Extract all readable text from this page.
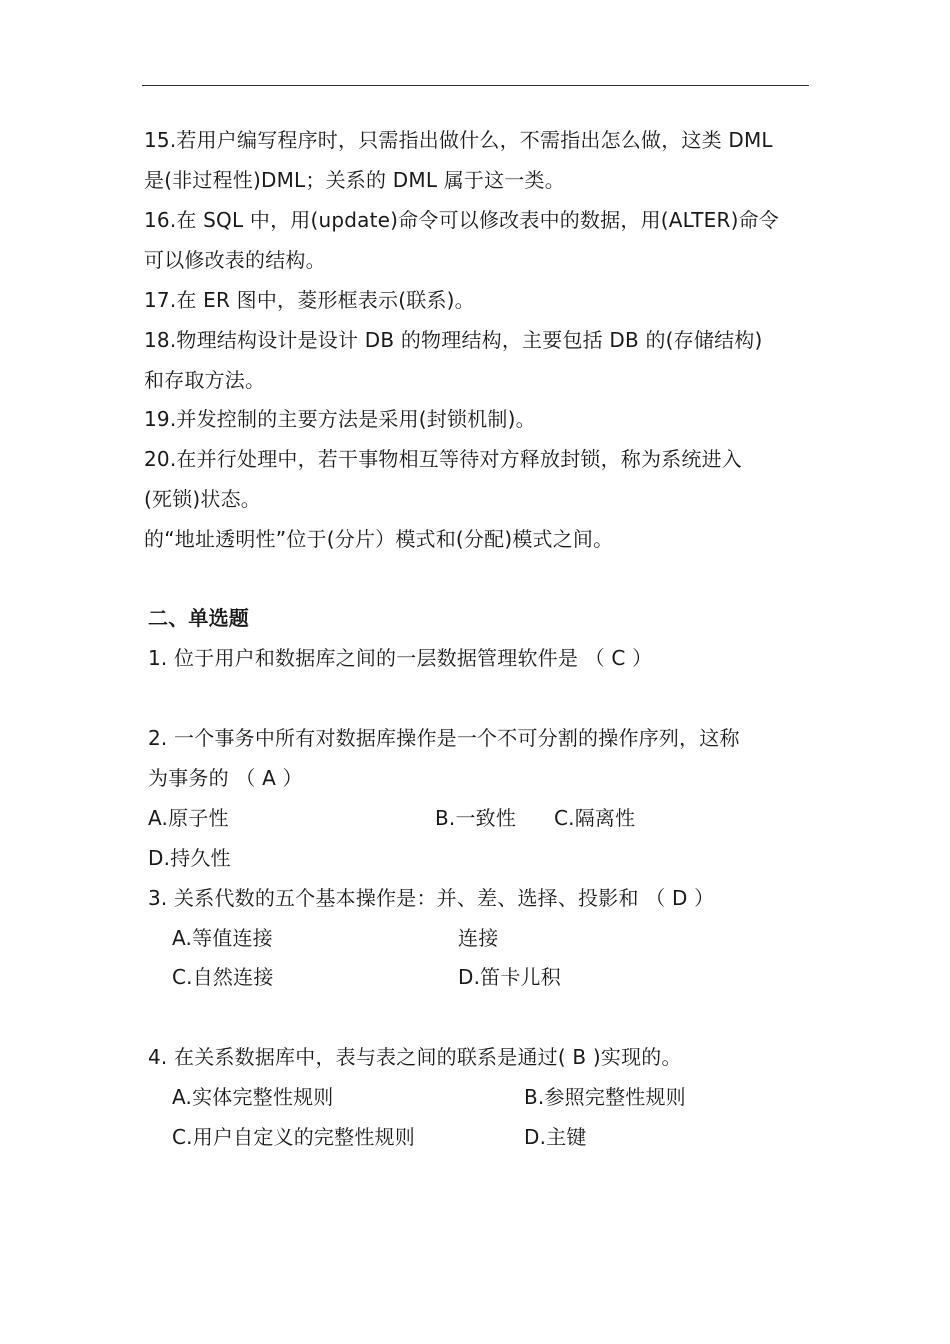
15.若用户编写程序时，只需指出做什么，不需指出怎么做，这类 DML
是(非过程性)DML；关系的 DML 属于这一类。
16.在 SQL 中，用(update)命令可以修改表中的数据，用(ALTER)命令
可以修改表的结构。
17.在 ER 图中，菱形框表示(联系)。
18.物理结构设计是设计 DB 的物理结构，主要包括 DB 的(存储结构)
和存取方法。
19.并发控制的主要方法是采用(封锁机制)。
20.在并行处理中，若干事物相互等待对方释放封锁，称为系统进入
(死锁)状态。
的“地址透明性”位于(分片）模式和(分配)模式之间。
二、单选题
1. 位于用户和数据库之间的一层数据管理软件是 （ C ）
2. 一个事务中所有对数据库操作是一个不可分割的操作序列，这称
为事务的 （ A ）
A.原子性	B.一致性 C.隔离性
D.持久性
3. 关系代数的五个基本操作是：并、差、选择、投影和 （ D ）
A.等值连接	连接
C.自然连接	D.笛卡儿积
4. 在关系数据库中，表与表之间的联系是通过( B )实现的。
A.实体完整性规则	B.参照完整性规则
C.用户自定义的完整性规则	D.主键
